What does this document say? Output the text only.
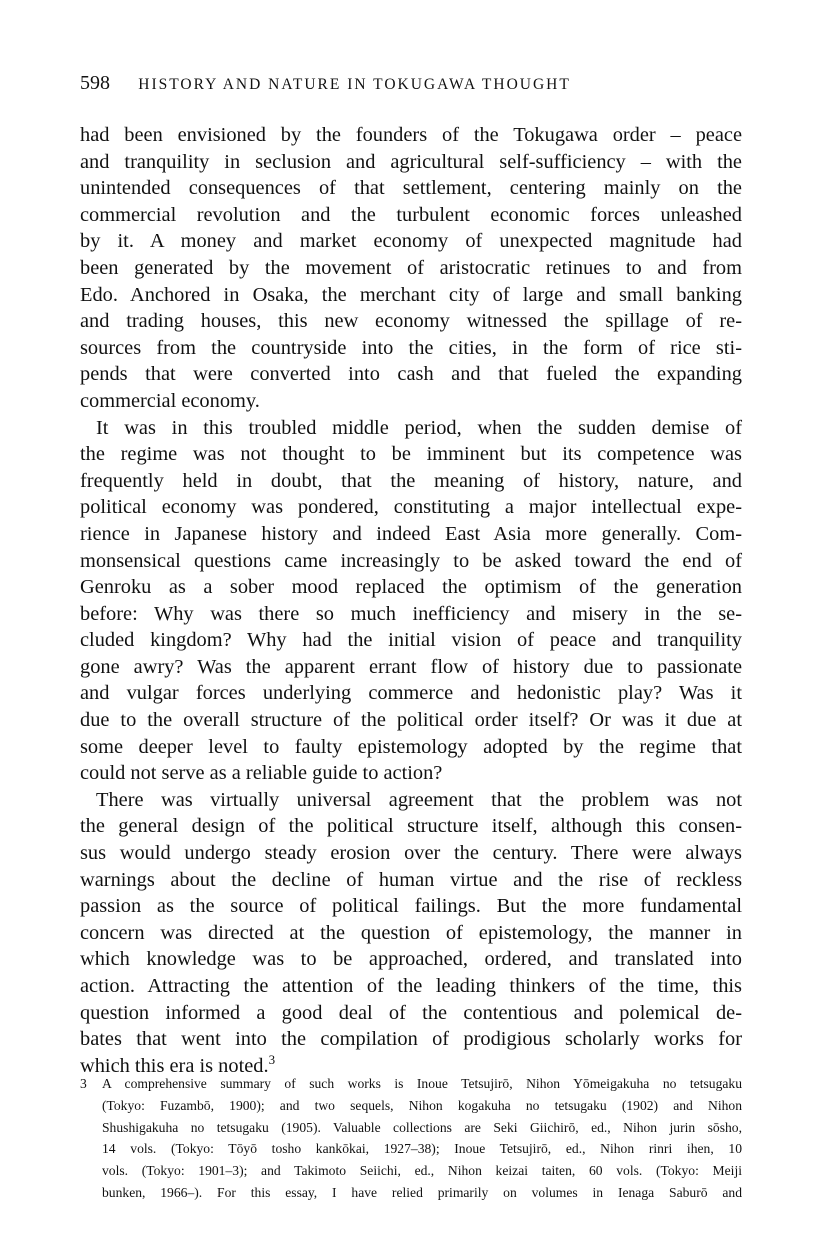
598 HISTORY AND NATURE IN TOKUGAWA THOUGHT
had been envisioned by the founders of the Tokugawa order – peace
and tranquility in seclusion and agricultural self-sufficiency – with the
unintended consequences of that settlement, centering mainly on the
commercial revolution and the turbulent economic forces unleashed
by it. A money and market economy of unexpected magnitude had
been generated by the movement of aristocratic retinues to and from
Edo. Anchored in Osaka, the merchant city of large and small banking
and trading houses, this new economy witnessed the spillage of re-
sources from the countryside into the cities, in the form of rice sti-
pends that were converted into cash and that fueled the expanding
commercial economy.
It was in this troubled middle period, when the sudden demise of
the regime was not thought to be imminent but its competence was
frequently held in doubt, that the meaning of history, nature, and
political economy was pondered, constituting a major intellectual expe-
rience in Japanese history and indeed East Asia more generally. Com-
monsensical questions came increasingly to be asked toward the end of
Genroku as a sober mood replaced the optimism of the generation
before: Why was there so much inefficiency and misery in the se-
cluded kingdom? Why had the initial vision of peace and tranquility
gone awry? Was the apparent errant flow of history due to passionate
and vulgar forces underlying commerce and hedonistic play? Was it
due to the overall structure of the political order itself? Or was it due at
some deeper level to faulty epistemology adopted by the regime that
could not serve as a reliable guide to action?
There was virtually universal agreement that the problem was not
the general design of the political structure itself, although this consen-
sus would undergo steady erosion over the century. There were always
warnings about the decline of human virtue and the rise of reckless
passion as the source of political failings. But the more fundamental
concern was directed at the question of epistemology, the manner in
which knowledge was to be approached, ordered, and translated into
action. Attracting the attention of the leading thinkers of the time, this
question informed a good deal of the contentious and polemical de-
bates that went into the compilation of prodigious scholarly works for
which this era is noted.$^3$
3 A comprehensive summary of such works is Inoue Tetsujirō, Nihon Yōmeigakuha no tetsugaku
(Tokyo: Fuzambō, 1900); and two sequels, Nihon kogakuha no tetsugaku (1902) and Nihon
Shushigakuha no tetsugaku (1905). Valuable collections are Seki Giichirō, ed., Nihon jurin sōsho,
14 vols. (Tokyo: Tōyō tosho kankōkai, 1927–38); Inoue Tetsujirō, ed., Nihon rinri ihen, 10
vols. (Tokyo: 1901–3); and Takimoto Seiichi, ed., Nihon keizai taiten, 60 vols. (Tokyo: Meiji
bunken, 1966–). For this essay, I have relied primarily on volumes in Ienaga Saburō and
